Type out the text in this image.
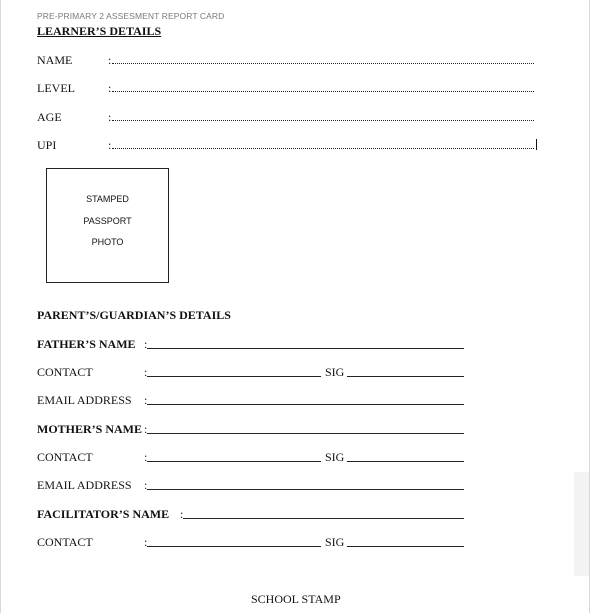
PRE-PRIMARY 2 ASSESMENT REPORT CARD
LEARNER’S DETAILS
NAME	:
LEVEL	:
AGE	:
UPI	:
STAMPED
PASSPORT
PHOTO
PARENT’S/GUARDIAN’S DETAILS
FATHER’S NAME :
CONTACT	:	SIG
EMAIL ADDRESS :
MOTHER’S NAME :
CONTACT	:	SIG
EMAIL ADDRESS :
FACILITATOR’S NAME :
CONTACT	:	SIG
SCHOOL STAMP
